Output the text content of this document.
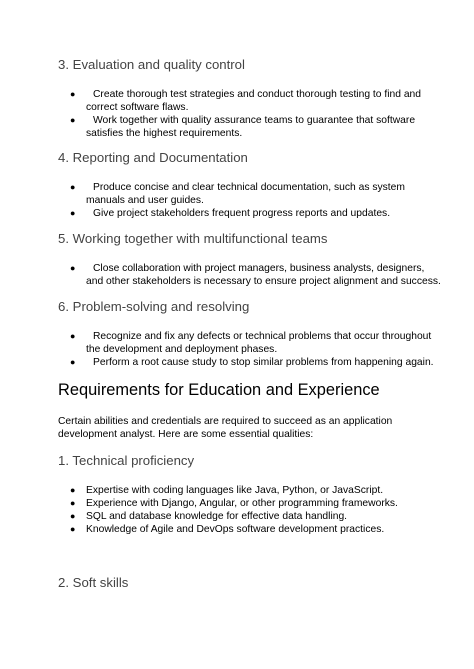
3. Evaluation and quality control
●	Create thorough test strategies and conduct thorough testing to find and
correct software flaws.
●	Work together with quality assurance teams to guarantee that software
satisfies the highest requirements.
4. Reporting and Documentation
●	Produce concise and clear technical documentation, such as system
manuals and user guides.
●	Give project stakeholders frequent progress reports and updates.
5. Working together with multifunctional teams
●	Close collaboration with project managers, business analysts, designers,
and other stakeholders is necessary to ensure project alignment and success.
6. Problem-solving and resolving
●	Recognize and fix any defects or technical problems that occur throughout
the development and deployment phases.
●	Perform a root cause study to stop similar problems from happening again.
Requirements for Education and Experience
Certain abilities and credentials are required to succeed as an application
development analyst. Here are some essential qualities:
1. Technical proficiency
● Expertise with coding languages like Java, Python, or JavaScript.
● Experience with Django, Angular, or other programming frameworks.
● SQL and database knowledge for effective data handling.
● Knowledge of Agile and DevOps software development practices.
2. Soft skills
